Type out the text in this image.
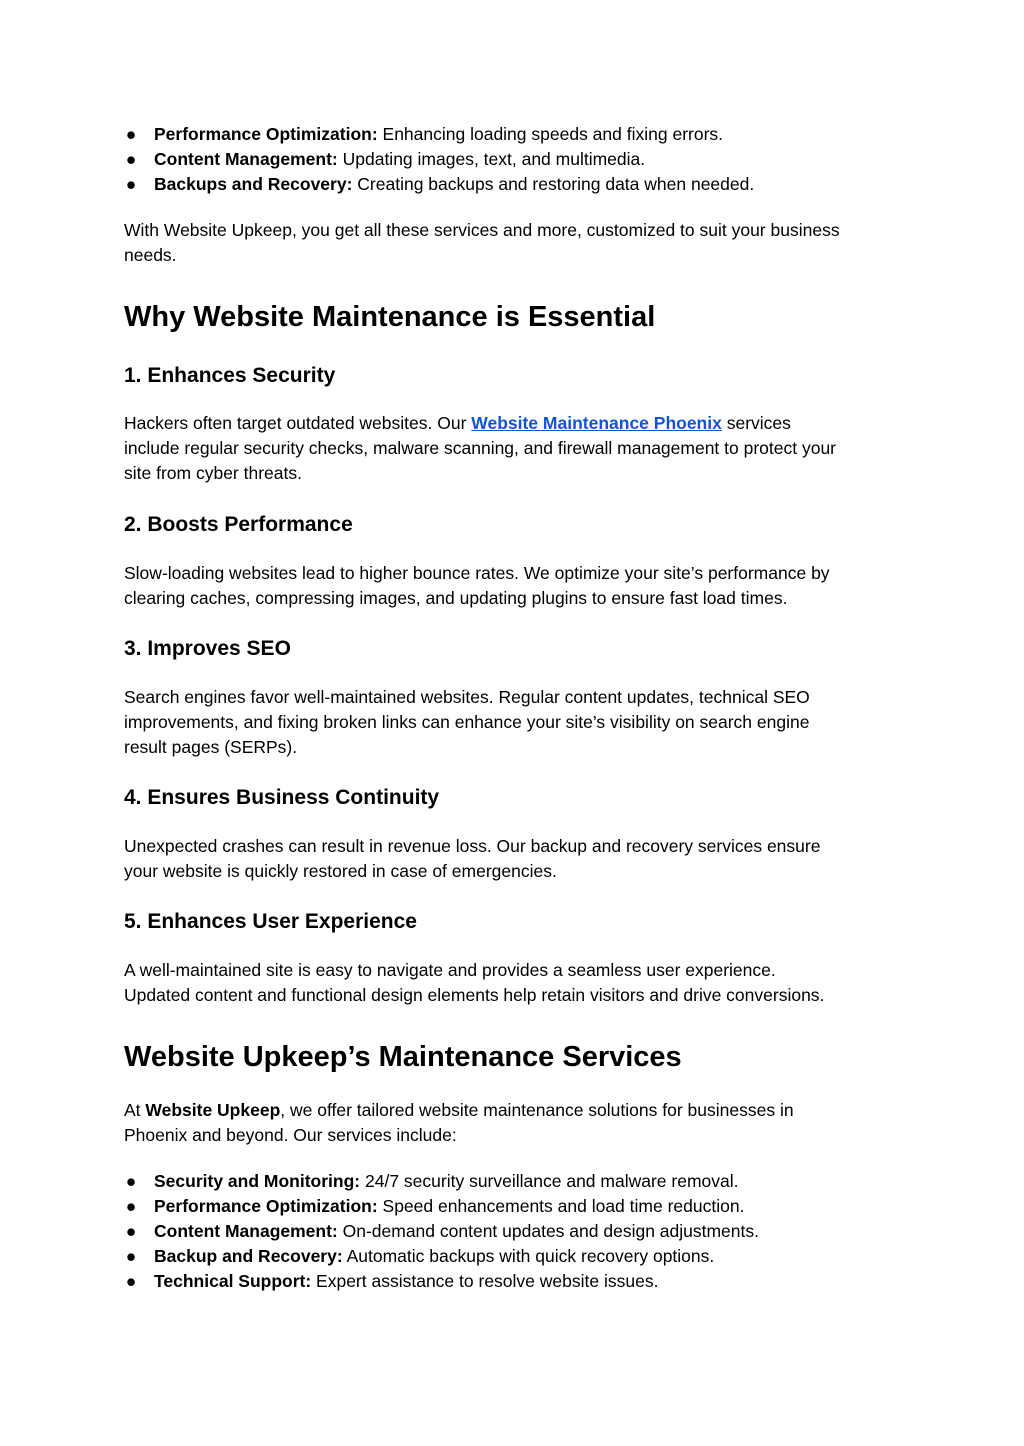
● Performance Optimization: Enhancing loading speeds and fixing errors.
● Content Management: Updating images, text, and multimedia.
● Backups and Recovery: Creating backups and restoring data when needed.
With Website Upkeep, you get all these services and more, customized to suit your business
needs.
Why Website Maintenance is Essential
1. Enhances Security
Hackers often target outdated websites. Our Website Maintenance Phoenix services
include regular security checks, malware scanning, and firewall management to protect your
site from cyber threats.
2. Boosts Performance
Slow-loading websites lead to higher bounce rates. We optimize your site’s performance by
clearing caches, compressing images, and updating plugins to ensure fast load times.
3. Improves SEO
Search engines favor well-maintained websites. Regular content updates, technical SEO
improvements, and fixing broken links can enhance your site’s visibility on search engine
result pages (SERPs).
4. Ensures Business Continuity
Unexpected crashes can result in revenue loss. Our backup and recovery services ensure
your website is quickly restored in case of emergencies.
5. Enhances User Experience
A well-maintained site is easy to navigate and provides a seamless user experience.
Updated content and functional design elements help retain visitors and drive conversions.
Website Upkeep’s Maintenance Services
At Website Upkeep, we offer tailored website maintenance solutions for businesses in
Phoenix and beyond. Our services include:
● Security and Monitoring: 24/7 security surveillance and malware removal.
● Performance Optimization: Speed enhancements and load time reduction.
● Content Management: On-demand content updates and design adjustments.
● Backup and Recovery: Automatic backups with quick recovery options.
● Technical Support: Expert assistance to resolve website issues.
